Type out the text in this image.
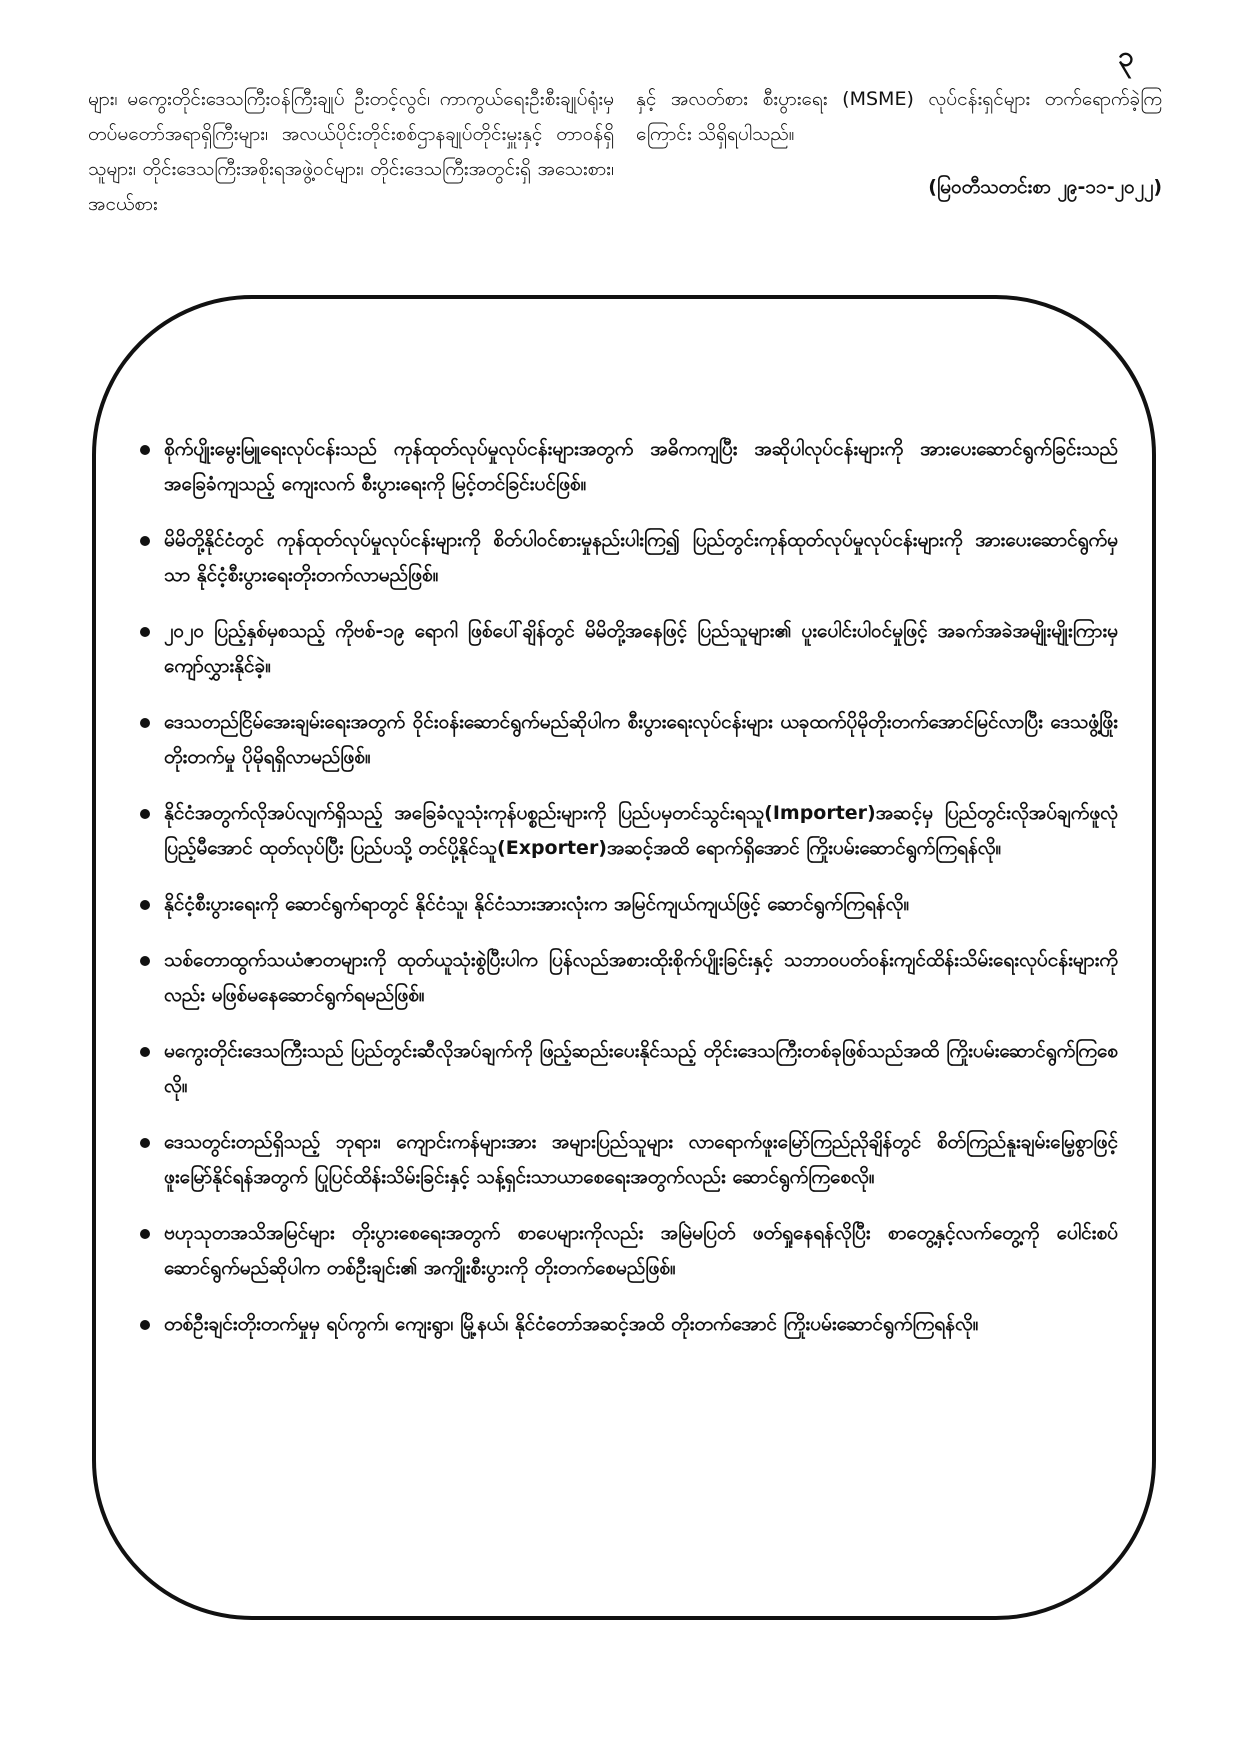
၃

များ၊ မကွေးတိုင်းဒေသကြီးဝန်ကြီးချုပ် ဦးတင့်လွင်၊ ကာကွယ်ရေးဦးစီးချုပ်ရုံးမှ တပ်မတော်အရာရှိကြီးများ၊ အလယ်ပိုင်းတိုင်းစစ်ဌာနချုပ်တိုင်းမှူးနှင့် တာဝန်ရှိသူများ၊ တိုင်းဒေသကြီးအစိုးရအဖွဲ့ဝင်များ၊ တိုင်းဒေသကြီးအတွင်းရှိ အသေးစား၊ အငယ်စား

နှင့် အလတ်စား စီးပွားရေး (MSME) လုပ်ငန်းရှင်များ တက်ရောက်ခဲ့ကြကြောင်း သိရှိရပါသည်။

(မြဝတီသတင်းစာ ၂၉-၁၁-၂၀၂၂)

စိုက်ပျိုးမွေးမြူရေးလုပ်ငန်းသည် ကုန်ထုတ်လုပ်မှုလုပ်ငန်းများအတွက် အဓိကကျပြီး အဆိုပါလုပ်ငန်းများကို အားပေးဆောင်ရွက်ခြင်းသည် အခြေခံကျသည့် ကျေးလက် စီးပွားရေးကို မြင့်တင်ခြင်းပင်ဖြစ်။
မိမိတို့နိုင်ငံတွင် ကုန်ထုတ်လုပ်မှုလုပ်ငန်းများကို စိတ်ပါဝင်စားမှုနည်းပါးကြ၍ ပြည်တွင်းကုန်ထုတ်လုပ်မှုလုပ်ငန်းများကို အားပေးဆောင်ရွက်မှသာ နိုင်ငံ့စီးပွားရေးတိုးတက်လာမည်ဖြစ်။
၂၀၂၀ ပြည့်နှစ်မှစသည့် ကိုဗစ်-၁၉ ရောဂါ ဖြစ်ပေါ်ချိန်တွင် မိမိတို့အနေဖြင့် ပြည်သူများ၏ ပူးပေါင်းပါဝင်မှုဖြင့် အခက်အခဲအမျိုးမျိုးကြားမှ ကျော်လွှားနိုင်ခဲ့။
ဒေသတည်ငြိမ်အေးချမ်းရေးအတွက် ဝိုင်းဝန်းဆောင်ရွက်မည်ဆိုပါက စီးပွားရေးလုပ်ငန်းများ ယခုထက်ပိုမိုတိုးတက်အောင်မြင်လာပြီး ဒေသဖွံ့ဖြိုးတိုးတက်မှု ပိုမိုရရှိလာမည်ဖြစ်။
နိုင်ငံအတွက်လိုအပ်လျက်ရှိသည့် အခြေခံလူသုံးကုန်ပစ္စည်းများကို ပြည်ပမှတင်သွင်းရသူ(Importer)အဆင့်မှ ပြည်တွင်းလိုအပ်ချက်ဖူလုံပြည့်မီအောင် ထုတ်လုပ်ပြီး ပြည်ပသို့ တင်ပို့နိုင်သူ(Exporter)အဆင့်အထိ ရောက်ရှိအောင် ကြိုးပမ်းဆောင်ရွက်ကြရန်လို။
နိုင်ငံ့စီးပွားရေးကို ဆောင်ရွက်ရာတွင် နိုင်ငံသူ၊ နိုင်ငံသားအားလုံးက အမြင်ကျယ်ကျယ်ဖြင့် ဆောင်ရွက်ကြရန်လို။
သစ်တောထွက်သယံဇာတများကို ထုတ်ယူသုံးစွဲပြီးပါက ပြန်လည်အစားထိုးစိုက်ပျိုးခြင်းနှင့် သဘာဝပတ်ဝန်းကျင်ထိန်းသိမ်းရေးလုပ်ငန်းများကိုလည်း မဖြစ်မနေဆောင်ရွက်ရမည်ဖြစ်။
မကွေးတိုင်းဒေသကြီးသည် ပြည်တွင်းဆီလိုအပ်ချက်ကို ဖြည့်ဆည်းပေးနိုင်သည့် တိုင်းဒေသကြီးတစ်ခုဖြစ်သည်အထိ ကြိုးပမ်းဆောင်ရွက်ကြစေလို။
ဒေသတွင်းတည်ရှိသည့် ဘုရား၊ ကျောင်းကန်များအား အများပြည်သူများ လာရောက်ဖူးမြော်ကြည်ညိုချိန်တွင် စိတ်ကြည်နူးချမ်းမြေ့စွာဖြင့် ဖူးမြော်နိုင်ရန်အတွက် ပြုပြင်ထိန်းသိမ်းခြင်းနှင့် သန့်ရှင်းသာယာစေရေးအတွက်လည်း ဆောင်ရွက်ကြစေလို။
ဗဟုသုတအသိအမြင်များ တိုးပွားစေရေးအတွက် စာပေများကိုလည်း အမြဲမပြတ် ဖတ်ရှုနေရန်လိုပြီး စာတွေ့နှင့်လက်တွေ့ကို ပေါင်းစပ်ဆောင်ရွက်မည်ဆိုပါက တစ်ဦးချင်း၏ အကျိုးစီးပွားကို တိုးတက်စေမည်ဖြစ်။
တစ်ဦးချင်းတိုးတက်မှုမှ ရပ်ကွက်၊ ကျေးရွာ၊ မြို့နယ်၊ နိုင်ငံတော်အဆင့်အထိ တိုးတက်အောင် ကြိုးပမ်းဆောင်ရွက်ကြရန်လို။
